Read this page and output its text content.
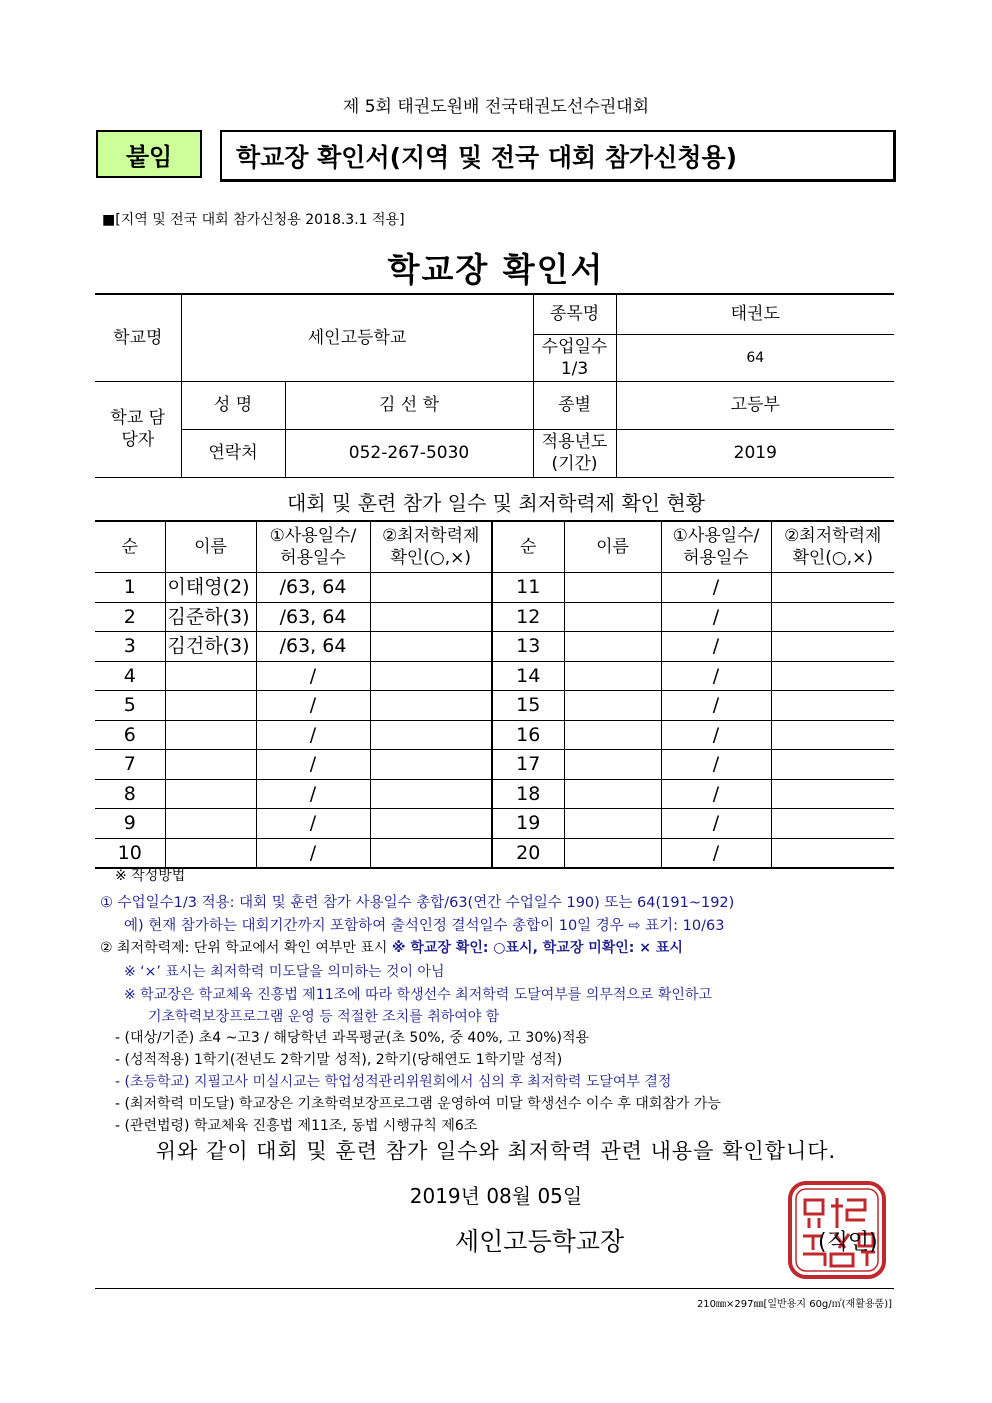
제 5회 태권도원배 전국태권도선수권대회
붙임	학교장 확인서(지역 및 전국 대회 참가신청용)
■[지역 및 전국 대회 참가신청용 2018.3.1 적용]
학교장 확인서
학교명	세인고등학교		종목명	태권도
			수업일수 1/3	64
학교 담당자	성 명	김 선 학	종별	고등부
	연락처	052-267-5030	적용년도 (기간)	2019
대회 및 훈련 참가 일수 및 최저학력제 확인 현황
순	이름	①사용일수/ 허용일수	②최저학력제 확인(○,×)	순	이름	①사용일수/ 허용일수	②최저학력제 확인(○,×)
1	이태영(2)	/63, 64		11		/	
2	김준하(3)	/63, 64		12		/	
3	김건하(3)	/63, 64		13		/	
4		/		14		/	
5		/		15		/	
6		/		16		/	
7		/		17		/	
8		/		18		/	
9		/		19		/	
10		/		20		/	
※ 작성방법
① 수업일수1/3 적용: 대회 및 훈련 참가 사용일수 총합/63(연간 수업일수 190) 또는 64(191~192)
예) 현재 참가하는 대회기간까지 포함하여 출석인정 결석일수 총합이 10일 경우 ⇨ 표기: 10/63
② 최저학력제: 단위 학교에서 확인 여부만 표시 ※ 학교장 확인: ○표시, 학교장 미확인: × 표시
※ ‘×’ 표시는 최저학력 미도달을 의미하는 것이 아님
※ 학교장은 학교체육 진흥법 제11조에 따라 학생선수 최저학력 도달여부를 의무적으로 확인하고
기초학력보장프로그램 운영 등 적절한 조치를 취하여야 함
- (대상/기준) 초4 ~고3 / 해당학년 과목평균(초 50%, 중 40%, 고 30%)적용
- (성적적용) 1학기(전년도 2학기말 성적), 2학기(당해연도 1학기말 성적)
- (초등학교) 지필고사 미실시교는 학업성적관리위원회에서 심의 후 최저학력 도달여부 결정
- (최저학력 미도달) 학교장은 기초학력보장프로그램 운영하여 미달 학생선수 이수 후 대회참가 가능
- (관련법령) 학교체육 진흥법 제11조, 동법 시행규칙 제6조
위와 같이 대회 및 훈련 참가 일수와 최저학력 관련 내용을 확인합니다.
2019년 08월 05일
세인고등학교장	(직인)
210㎜×297㎜[일반용지 60g/㎡(재활용품)]
